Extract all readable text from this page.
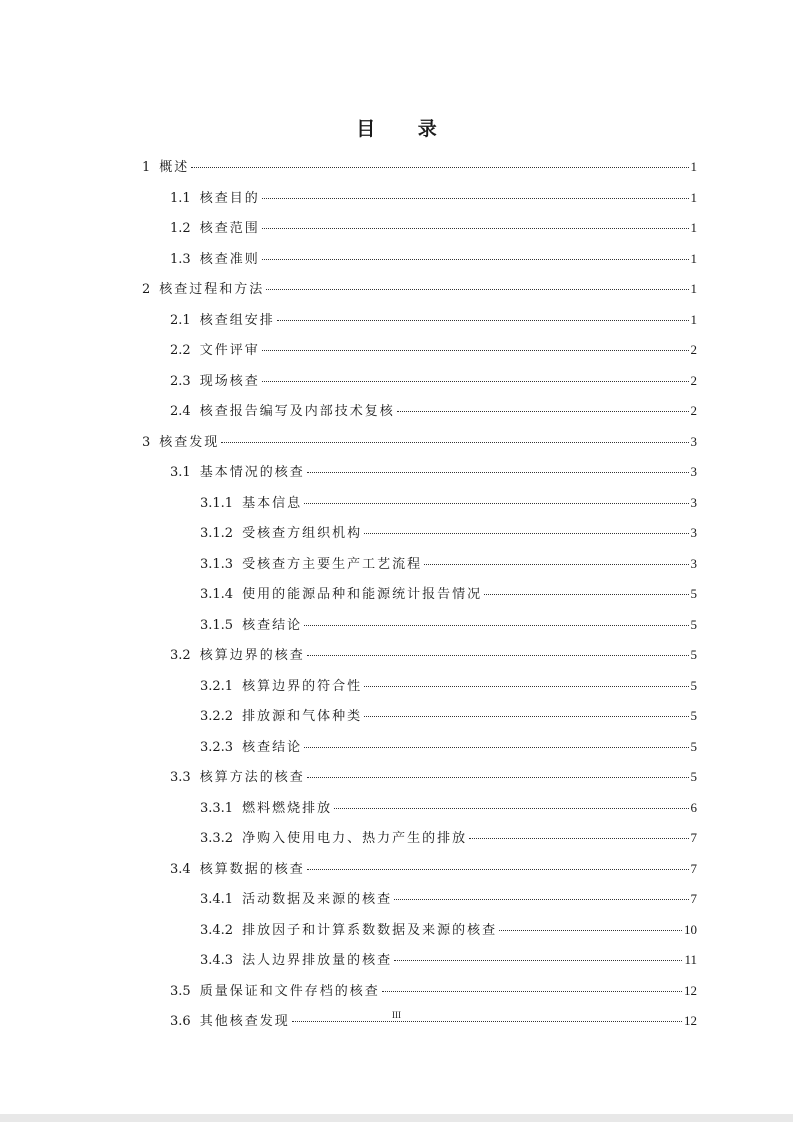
目 录
1 概述	1
1.1 核查目的	1
1.2 核查范围	1
1.3 核查准则	1
2 核查过程和方法	1
2.1 核查组安排	1
2.2 文件评审	2
2.3 现场核查	2
2.4 核查报告编写及内部技术复核	2
3 核查发现	3
3.1 基本情况的核查	3
3.1.1 基本信息	3
3.1.2 受核查方组织机构	3
3.1.3 受核查方主要生产工艺流程	3
3.1.4 使用的能源品种和能源统计报告情况	5
3.1.5 核查结论	5
3.2 核算边界的核查	5
3.2.1 核算边界的符合性	5
3.2.2 排放源和气体种类	5
3.2.3 核查结论	5
3.3 核算方法的核查	5
3.3.1 燃料燃烧排放	6
3.3.2 净购入使用电力、热力产生的排放	7
3.4 核算数据的核查	7
3.4.1 活动数据及来源的核查	7
3.4.2 排放因子和计算系数数据及来源的核查	10
3.4.3 法人边界排放量的核查	11
3.5 质量保证和文件存档的核查	12
3.6 其他核查发现	12
III
